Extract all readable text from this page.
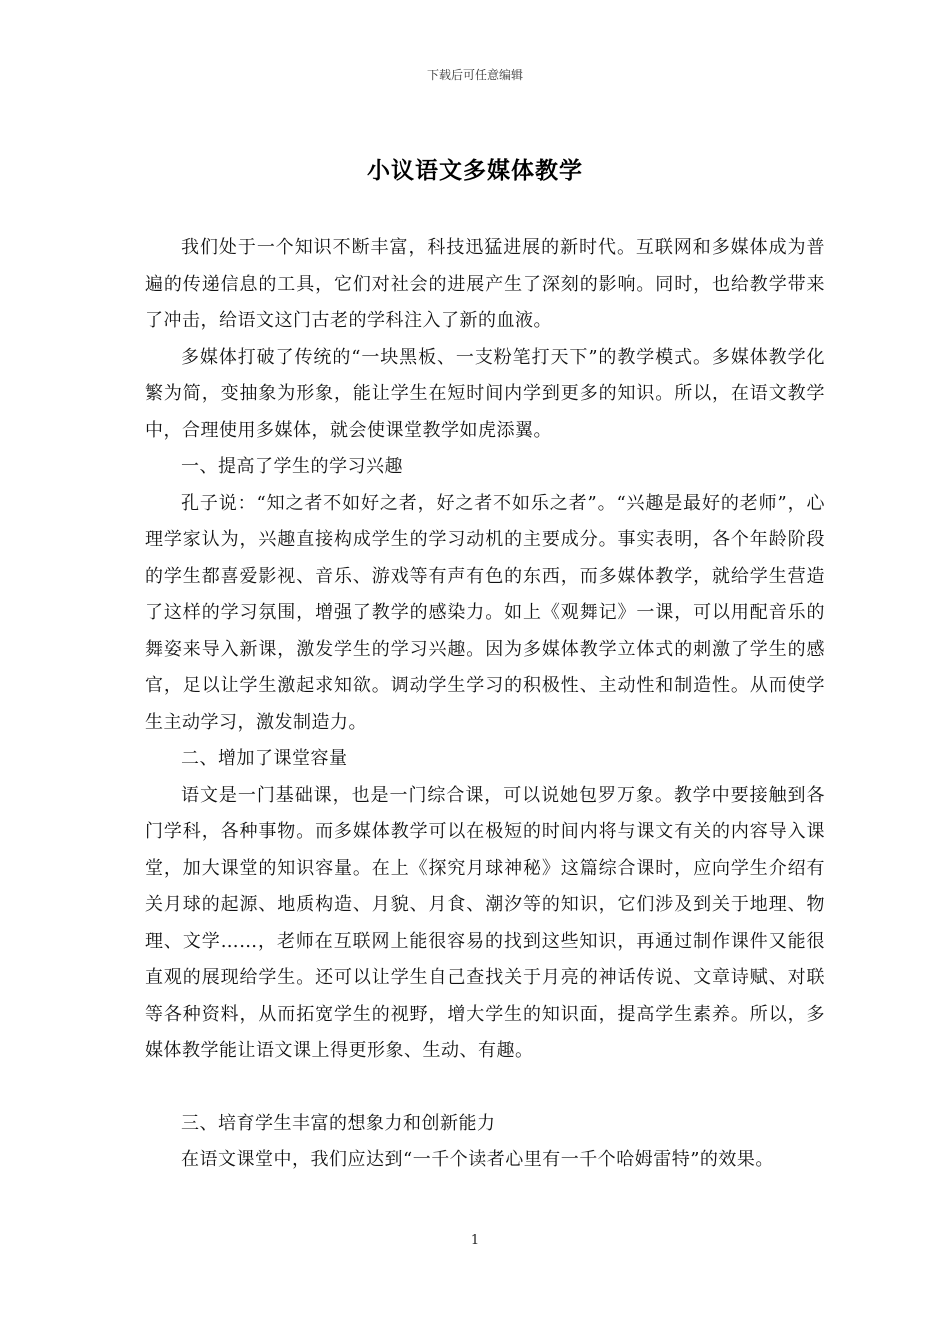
下载后可任意编辑
小议语文多媒体教学

我们处于一个知识不断丰富，科技迅猛进展的新时代。互联网和多媒体成为普遍的传递信息的工具，它们对社会的进展产生了深刻的影响。同时，也给教学带来了冲击，给语文这门古老的学科注入了新的血液。

多媒体打破了传统的“一块黑板、一支粉笔打天下”的教学模式。多媒体教学化繁为简，变抽象为形象，能让学生在短时间内学到更多的知识。所以，在语文教学中，合理使用多媒体，就会使课堂教学如虎添翼。

一、提高了学生的学习兴趣

孔子说：“知之者不如好之者，好之者不如乐之者”。“兴趣是最好的老师”，心理学家认为，兴趣直接构成学生的学习动机的主要成分。事实表明，各个年龄阶段的学生都喜爱影视、音乐、游戏等有声有色的东西，而多媒体教学，就给学生营造了这样的学习氛围，增强了教学的感染力。如上《观舞记》一课，可以用配音乐的舞姿来导入新课，激发学生的学习兴趣。因为多媒体教学立体式的刺激了学生的感官，足以让学生激起求知欲。调动学生学习的积极性、主动性和制造性。从而使学生主动学习，激发制造力。

二、增加了课堂容量

语文是一门基础课，也是一门综合课，可以说她包罗万象。教学中要接触到各门学科，各种事物。而多媒体教学可以在极短的时间内将与课文有关的内容导入课堂，加大课堂的知识容量。在上《探究月球神秘》这篇综合课时，应向学生介绍有关月球的起源、地质构造、月貌、月食、潮汐等的知识，它们涉及到关于地理、物理、文学……，老师在互联网上能很容易的找到这些知识，再通过制作课件又能很直观的展现给学生。还可以让学生自己查找关于月亮的神话传说、文章诗赋、对联等各种资料，从而拓宽学生的视野，增大学生的知识面，提高学生素养。所以，多媒体教学能让语文课上得更形象、生动、有趣。

三、培育学生丰富的想象力和创新能力

在语文课堂中，我们应达到“一千个读者心里有一千个哈姆雷特”的效果。

1
